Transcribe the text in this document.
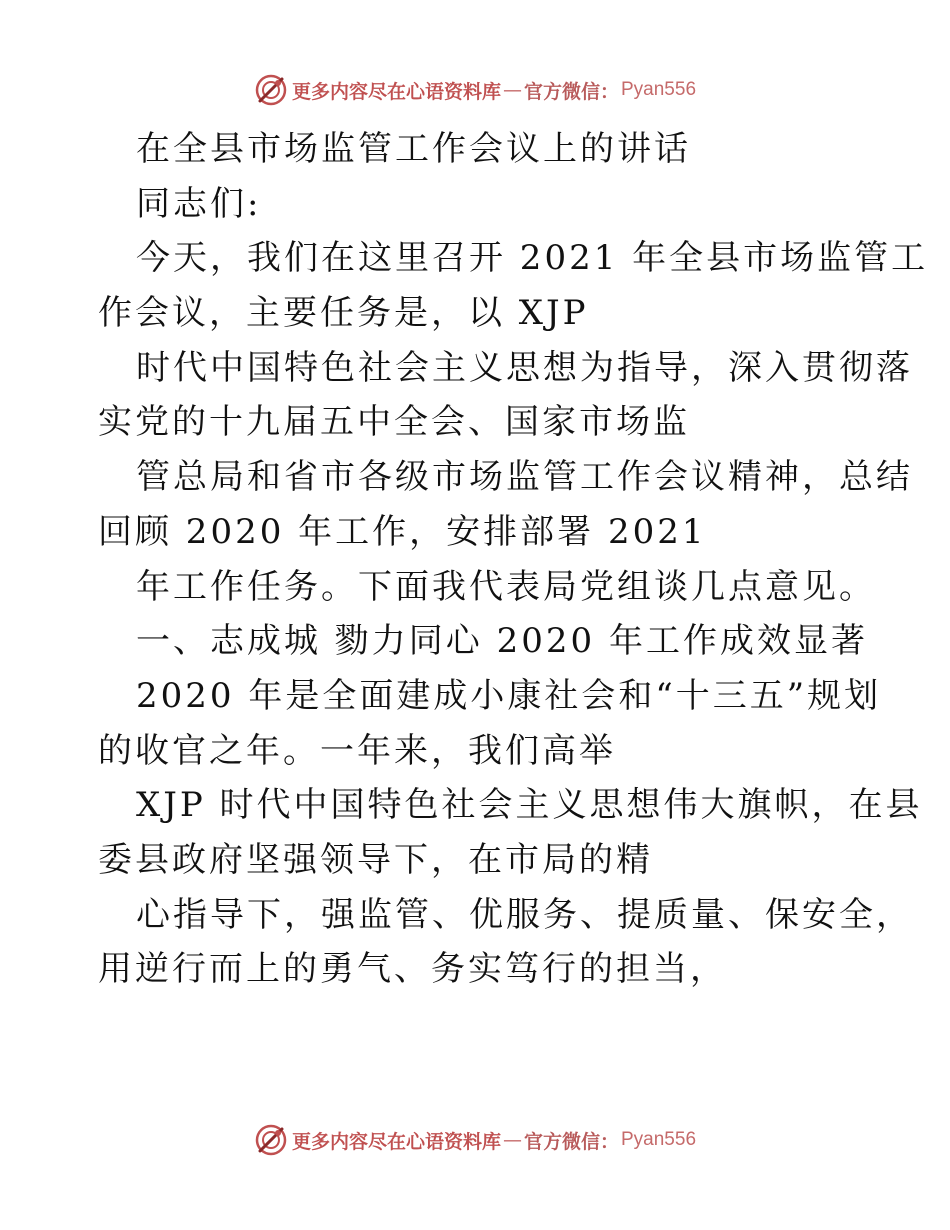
更多内容尽在心语资料库 — 官方微信： Pyan556
在全县市场监管工作会议上的讲话
同志们:
今天，我们在这里召开 2021 年全县市场监管工
作会议，主要任务是，以 XJP
时代中国特色社会主义思想为指导，深入贯彻落
实党的十九届五中全会、国家市场监
管总局和省市各级市场监管工作会议精神，总结
回顾 2020 年工作，安排部署 2021
年工作任务。下面我代表局党组谈几点意见。
一、志成城 勠力同心 2020 年工作成效显著
2020 年是全面建成小康社会和“十三五”规划
的收官之年。一年来，我们高举
XJP 时代中国特色社会主义思想伟大旗帜，在县
委县政府坚强领导下，在市局的精
心指导下，强监管、优服务、提质量、保安全，
用逆行而上的勇气、务实笃行的担当，
更多内容尽在心语资料库 — 官方微信： Pyan556
